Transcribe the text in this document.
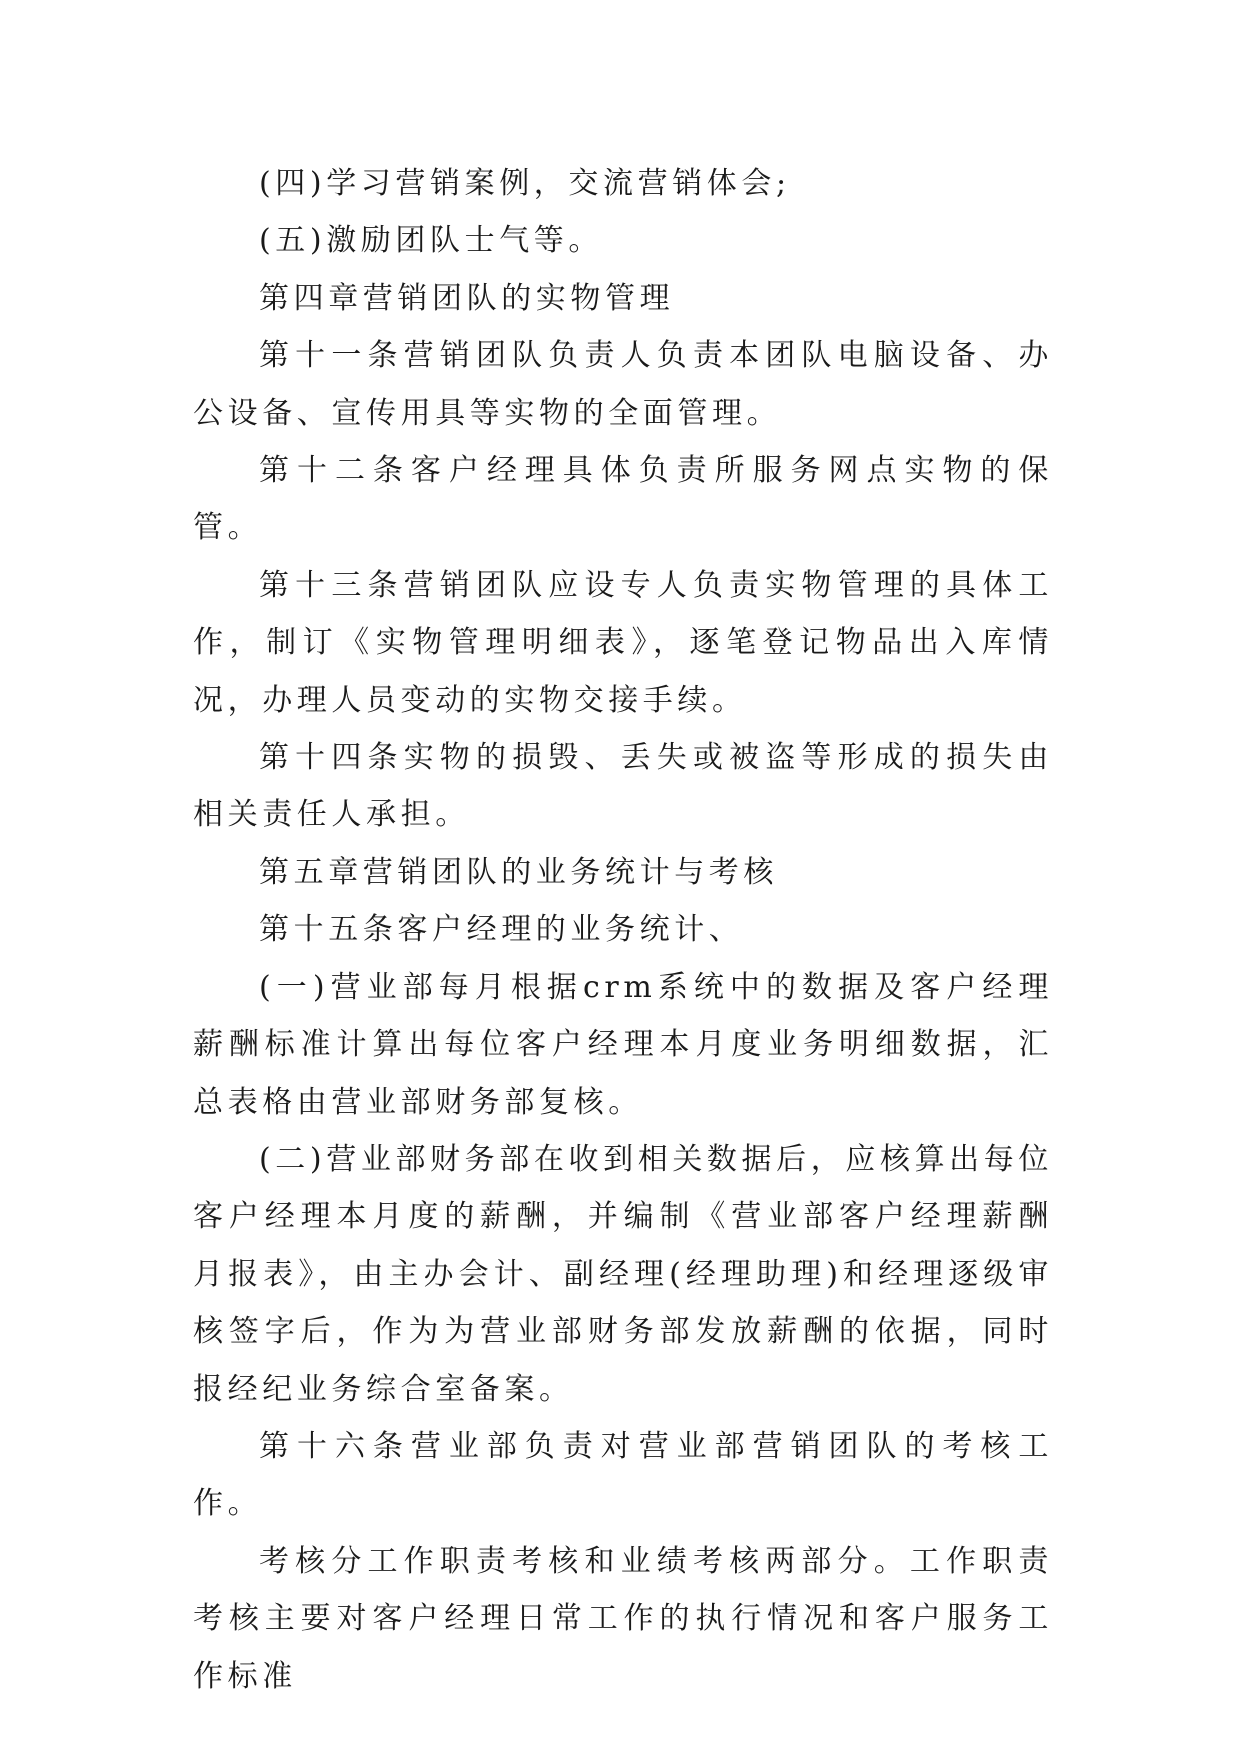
(四)学习营销案例，交流营销体会;

(五)激励团队士气等。

第四章营销团队的实物管理

第十一条营销团队负责人负责本团队电脑设备、办公设备、宣传用具等实物的全面管理。

第十二条客户经理具体负责所服务网点实物的保管。

第十三条营销团队应设专人负责实物管理的具体工作，制订《实物管理明细表》，逐笔登记物品出入库情况，办理人员变动的实物交接手续。

第十四条实物的损毁、丢失或被盗等形成的损失由相关责任人承担。

第五章营销团队的业务统计与考核

第十五条客户经理的业务统计、

(一)营业部每月根据crm系统中的数据及客户经理薪酬标准计算出每位客户经理本月度业务明细数据，汇总表格由营业部财务部复核。

(二)营业部财务部在收到相关数据后，应核算出每位客户经理本月度的薪酬，并编制《营业部客户经理薪酬月报表》，由主办会计、副经理(经理助理)和经理逐级审核签字后，作为为营业部财务部发放薪酬的依据，同时报经纪业务综合室备案。

第十六条营业部负责对营业部营销团队的考核工作。

考核分工作职责考核和业绩考核两部分。工作职责考核主要对客户经理日常工作的执行情况和客户服务工作标准
